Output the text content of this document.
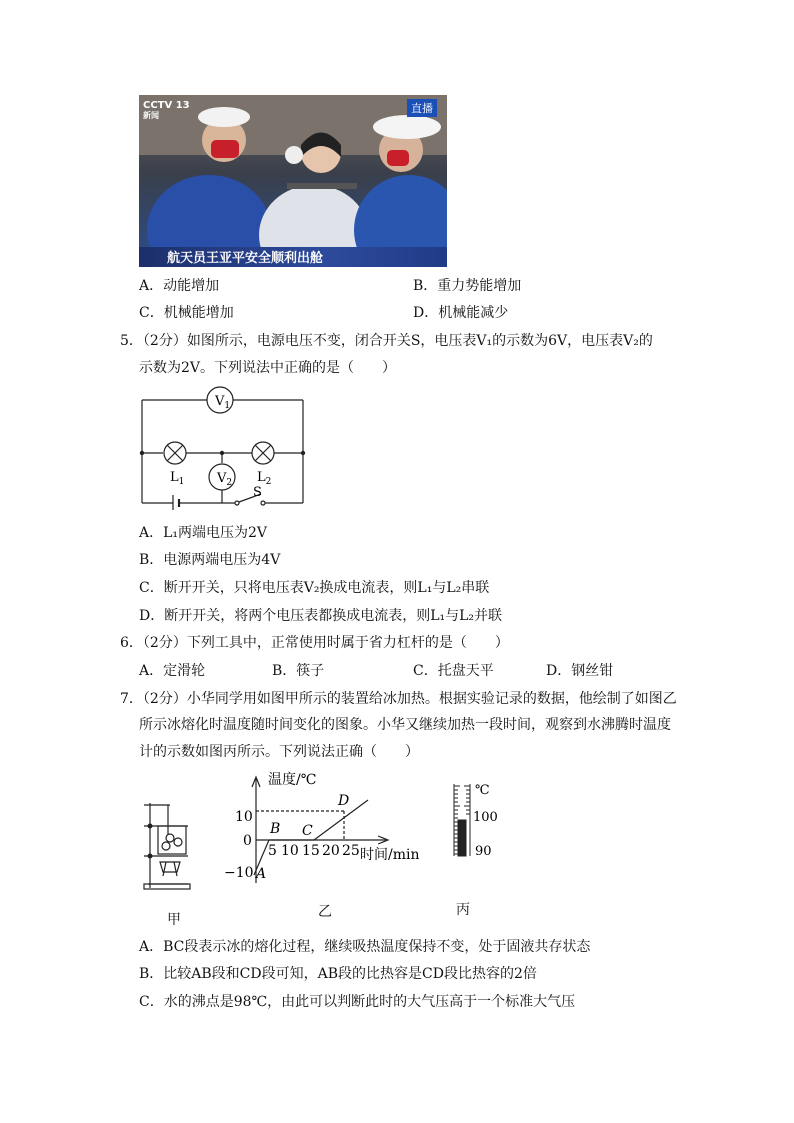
CCTV 13
新闻
直播
航天员王亚平安全顺利出舱
A．动能增加	B．重力势能增加
C．机械能增加	D．机械能减少
5．（2分）如图所示，电源电压不变，闭合开关S，电压表V₁的示数为6V，电压表V₂的
示数为2V。下列说法中正确的是（　　）
$V_1$
$V_2$
$L_1$	$L_2$
S
A．L₁两端电压为2V
B．电源两端电压为4V
C．断开开关，只将电压表V₂换成电流表，则L₁与L₂串联
D．断开开关，将两个电压表都换成电流表，则L₁与L₂并联
6．（2分）下列工具中，正常使用时属于省力杠杆的是（　　）
A．定滑轮	B．筷子	C．托盘天平	D．钢丝钳
7．（2分）小华同学用如图甲所示的装置给冰加热。根据实验记录的数据，他绘制了如图乙
所示冰熔化时温度随时间变化的图象。小华又继续加热一段时间，观察到水沸腾时温度
计的示数如图丙所示。下列说法正确（　　）
甲
温度/℃
时间/min
10
0
−10
5 10 15 20 25
A
B C
D
乙
℃
100
90
丙
A．BC段表示冰的熔化过程，继续吸热温度保持不变，处于固液共存状态
B．比较AB段和CD段可知，AB段的比热容是CD段比热容的2倍
C．水的沸点是98℃，由此可以判断此时的大气压高于一个标准大气压
